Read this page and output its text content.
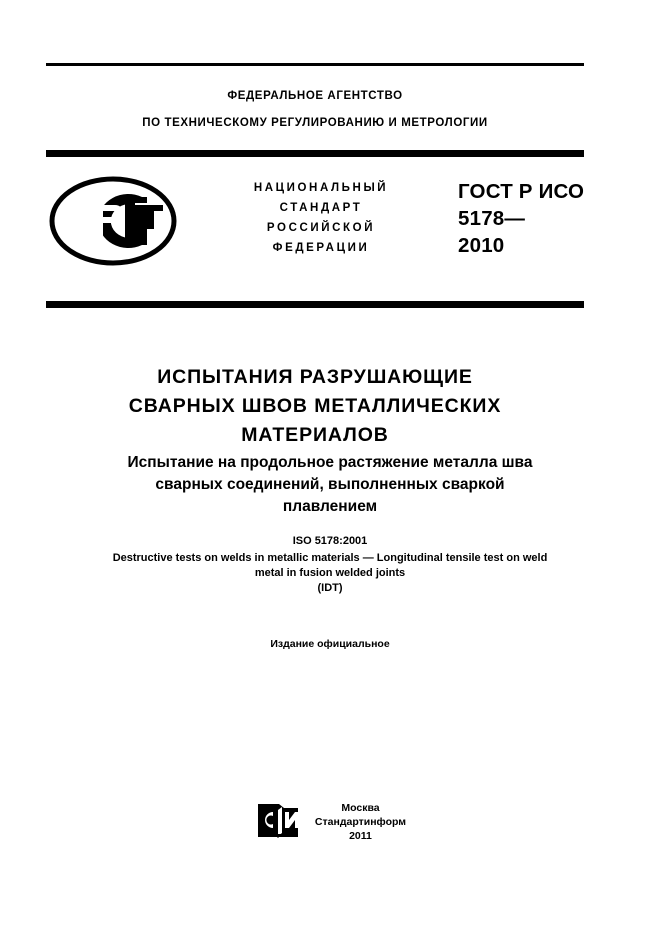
ФЕДЕРАЛЬНОЕ АГЕНТСТВО
ПО ТЕХНИЧЕСКОМУ РЕГУЛИРОВАНИЮ И МЕТРОЛОГИИ
НАЦИОНАЛЬНЫЙ
СТАНДАРТ
РОССИЙСКОЙ
ФЕДЕРАЦИИ
ГОСТ Р ИСО
5178—
2010
ИСПЫТАНИЯ РАЗРУШАЮЩИЕ
СВАРНЫХ ШВОВ МЕТАЛЛИЧЕСКИХ
МАТЕРИАЛОВ
Испытание на продольное растяжение металла шва
сварных соединений, выполненных сваркой
плавлением
ISO 5178:2001
Destructive tests on welds in metallic materials — Longitudinal tensile test on weld
metal in fusion welded joints
(IDT)
Издание официальное
Москва
Стандартинформ
2011
